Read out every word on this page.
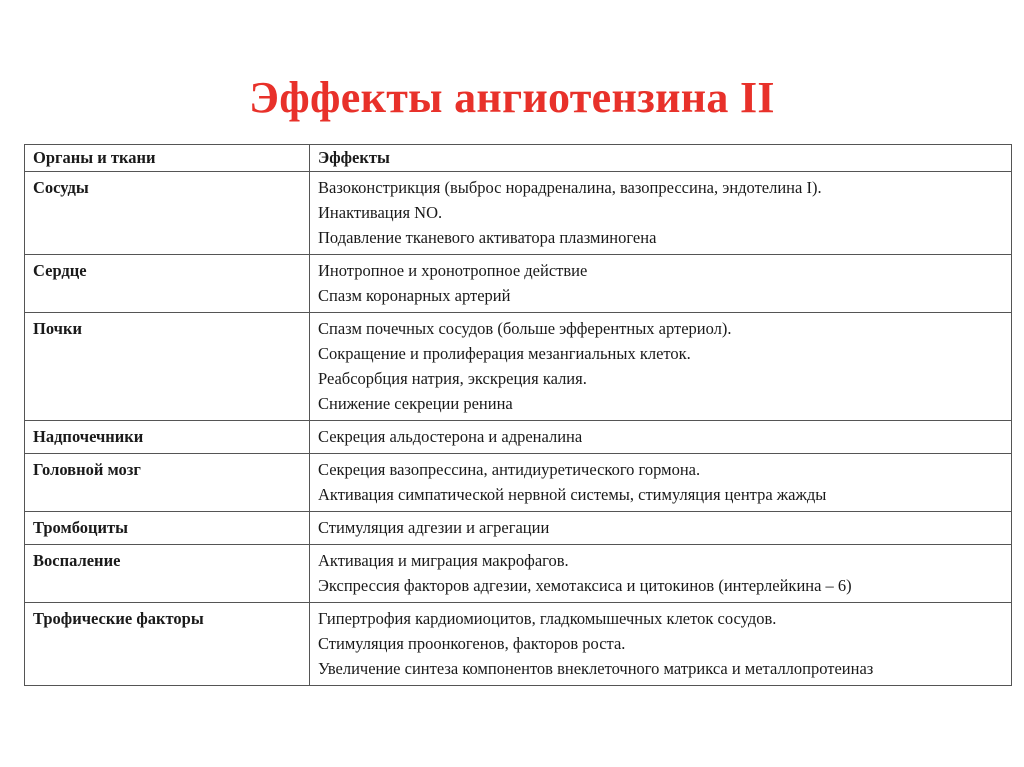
Эффекты ангиотензина II
Органы и ткани	Эффекты
Сосуды	Вазоконстрикция (выброс норадреналина, вазопрессина, эндотелина I).
Инактивация NO.
Подавление тканевого активатора плазминогена

Сердце	Инотропное и хронотропное действие
Спазм коронарных артерий

Почки	Спазм почечных сосудов (больше эфферентных артериол).
Сокращение и пролиферация мезангиальных клеток.
Реабсорбция натрия, экскреция калия.
Снижение секреции ренина

Надпочечники	Секреция альдостерона и адреналина

Головной мозг	Секреция вазопрессина, антидиуретического гормона.
Активация симпатической нервной системы, стимуляция центра жажды

Тромбоциты	Стимуляция адгезии и агрегации

Воспаление	Активация и миграция макрофагов.
Экспрессия факторов адгезии, хемотаксиса и цитокинов (интерлейкина – 6)

Трофические факторы	Гипертрофия кардиомиоцитов, гладкомышечных клеток сосудов.
Стимуляция проонкогенов, факторов роста.
Увеличение синтеза компонентов внеклеточного матрикса и металлопротеиназ
